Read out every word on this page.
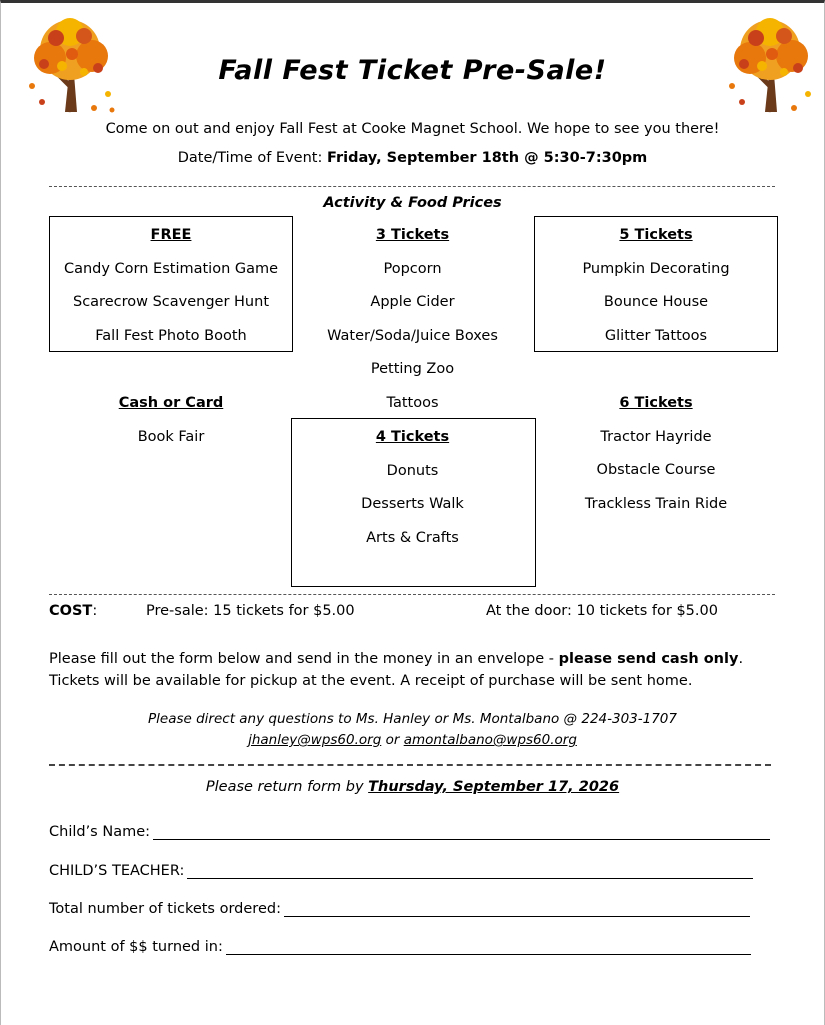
Fall Fest Ticket Pre-Sale!
Come on out and enjoy Fall Fest at Cooke Magnet School. We hope to see you there!
Date/Time of Event: Friday, September 18th @ 5:30-7:30pm
Activity & Food Prices
FREE
Candy Corn Estimation Game
Scarecrow Scavenger Hunt
Fall Fest Photo Booth
3 Tickets
Popcorn
Apple Cider
Water/Soda/Juice Boxes
Petting Zoo
Tattoos
5 Tickets
Pumpkin Decorating
Bounce House
Glitter Tattoos
Cash or Card
Book Fair	4 Tickets
Donuts
Desserts Walk
Arts & Crafts
6 Tickets
Tractor Hayride
Obstacle Course
Trackless Train Ride
COST:	Pre-sale: 15 tickets for $5.00	At the door: 10 tickets for $5.00
Please fill out the form below and send in the money in an envelope - please send cash only.
Tickets will be available for pickup at the event. A receipt of purchase will be sent home.
Please direct any questions to Ms. Hanley or Ms. Montalbano @ 224-303-1707
jhanley@wps60.org or amontalbano@wps60.org
Please return form by Thursday, September 17, 2026
Child’s Name:
CHILD’S TEACHER:
Total number of tickets ordered:
Amount of $$ turned in:
